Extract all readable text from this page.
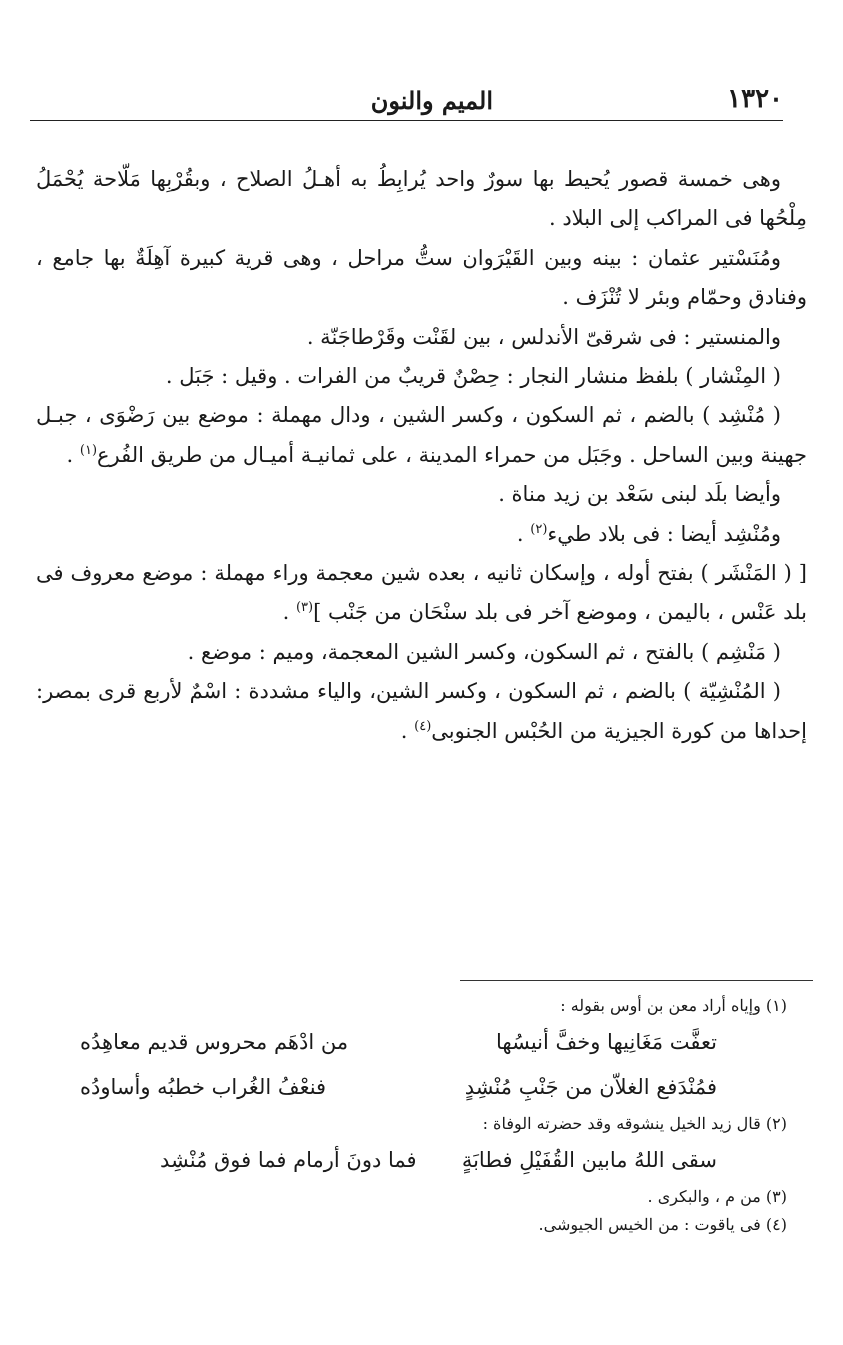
١٣٢٠
الميم والنون

وهى خمسة قصور يُحيط بها سورٌ واحد يُرابِطُ به أهـلُ الصلاح ، وبقُرْبِها مَلّاحة يُحْمَلُ مِلْحُها فى المراكب إلى البلاد .

ومُنَسْتير عثمان : بينه وبين القَيْرَوان ستُّ مراحل ، وهى قرية كبيرة آهِلَةٌ بها جامع ، وفنادق وحمّام وبئر لا تُنْزَف .

والمنستير : فى شرقىّ الأندلس ، بين لقَنْت وقَرْطاجَنّة .

( المِنْشار ) بلفظ منشار النجار : حِصْنٌ قريبٌ من الفرات . وقيل : جَبَل .

( مُنْشِد ) بالضم ، ثم السكون ، وكسر الشين ، ودال مهملة : موضع بين رَضْوَى ، جبـل جهينة وبين الساحل . وجَبَل من حمراء المدينة ، على ثمانيـة أميـال من طريق الفُرع$^{(١)}$ .

وأيضا بلَد لبنى سَعْد بن زيد مناة .

ومُنْشِد أيضا : فى بلاد طيء$^{(٢)}$ .

[ ( المَنْشَر ) بفتح أوله ، وإسكان ثانيه ، بعده شين معجمة وراء مهملة : موضع معروف فى بلد عَنْس ، باليمن ، وموضع آخر فى بلد سنْحَان من جَنْب ]$^{(٣)}$ .

( مَنْشِم ) بالفتح ، ثم السكون، وكسر الشين المعجمة، وميم : موضع .

( المُنْشِيّة ) بالضم ، ثم السكون ، وكسر الشين، والياء مشددة : اسْمٌ لأربع قرى بمصر: إحداها من كورة الجيزية من الحُبْس الجنوبى$^{(٤)}$ .

(١) وإياه أراد معن بن أوس بقوله :

تعفَّت مَغَانِيها وخفَّ أنيسُها
من ادْهَم محروس قديم معاهِدُه
فمُنْدَفع الغلاّن من جَنْبِ مُنْشِدٍ
فنعْفُ الغُراب خطبُه وأساودُه

(٢) قال زيد الخيل ينشوقه وقد حضرته الوفاة :

سقى اللهُ مابين القُفَيْلِ فطابَةٍ
فما دونَ أرمام فما فوق مُنْشِد

(٣) من م ، والبكرى .

(٤) فى ياقوت : من الخيس الجيوشى.
